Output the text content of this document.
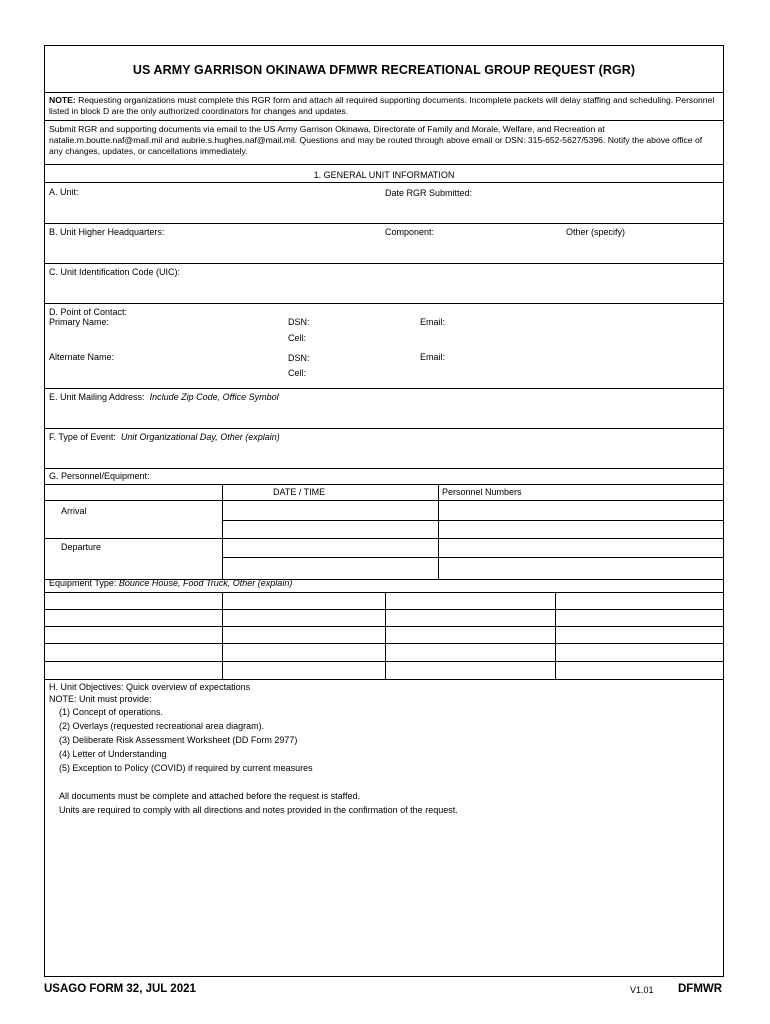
US ARMY GARRISON OKINAWA DFMWR RECREATIONAL GROUP REQUEST (RGR)
NOTE: Requesting organizations must complete this RGR form and attach all required supporting documents. Incomplete packets will delay staffing and scheduling. Personnel listed in block D are the only authorized coordinators for changes and updates.
Submit RGR and supporting documents via email to the US Army Garrison Okinawa, Directorate of Family and Morale, Welfare, and Recreation at natalie.m.boutte.naf@mail.mil and aubrie.s.hughes.naf@mail.mil. Questions and may be routed through above email or DSN: 315-652-5627/5396. Notify the above office of any changes, updates, or cancellations immediately.
1. GENERAL UNIT INFORMATION
A. Unit:	Date RGR Submitted:
B. Unit Higher Headquarters:	Component:	Other (specify)
C. Unit Identification Code (UIC):
D. Point of Contact:
Primary Name:	DSN:	Email:
Cell:
Alternate Name:	DSN:	Email:
Cell:
E. Unit Mailing Address: Include Zip Code, Office Symbol
F. Type of Event: Unit Organizational Day, Other (explain)
G. Personnel/Equipment:
DATE / TIME	Personnel Numbers
Arrival
Departure
Equipment Type: Bounce House, Food Truck, Other (explain)
H. Unit Objectives: Quick overview of expectations
NOTE: Unit must provide:
(1) Concept of operations.
(2) Overlays (requested recreational area diagram).
(3) Deliberate Risk Assessment Worksheet (DD Form 2977)
(4) Letter of Understanding
(5) Exception to Policy (COVID) if required by current measures
All documents must be complete and attached before the request is staffed.
Units are required to comply with all directions and notes provided in the confirmation of the request.
USAGO FORM 32, JUL 2021	V1.01 DFMWR
